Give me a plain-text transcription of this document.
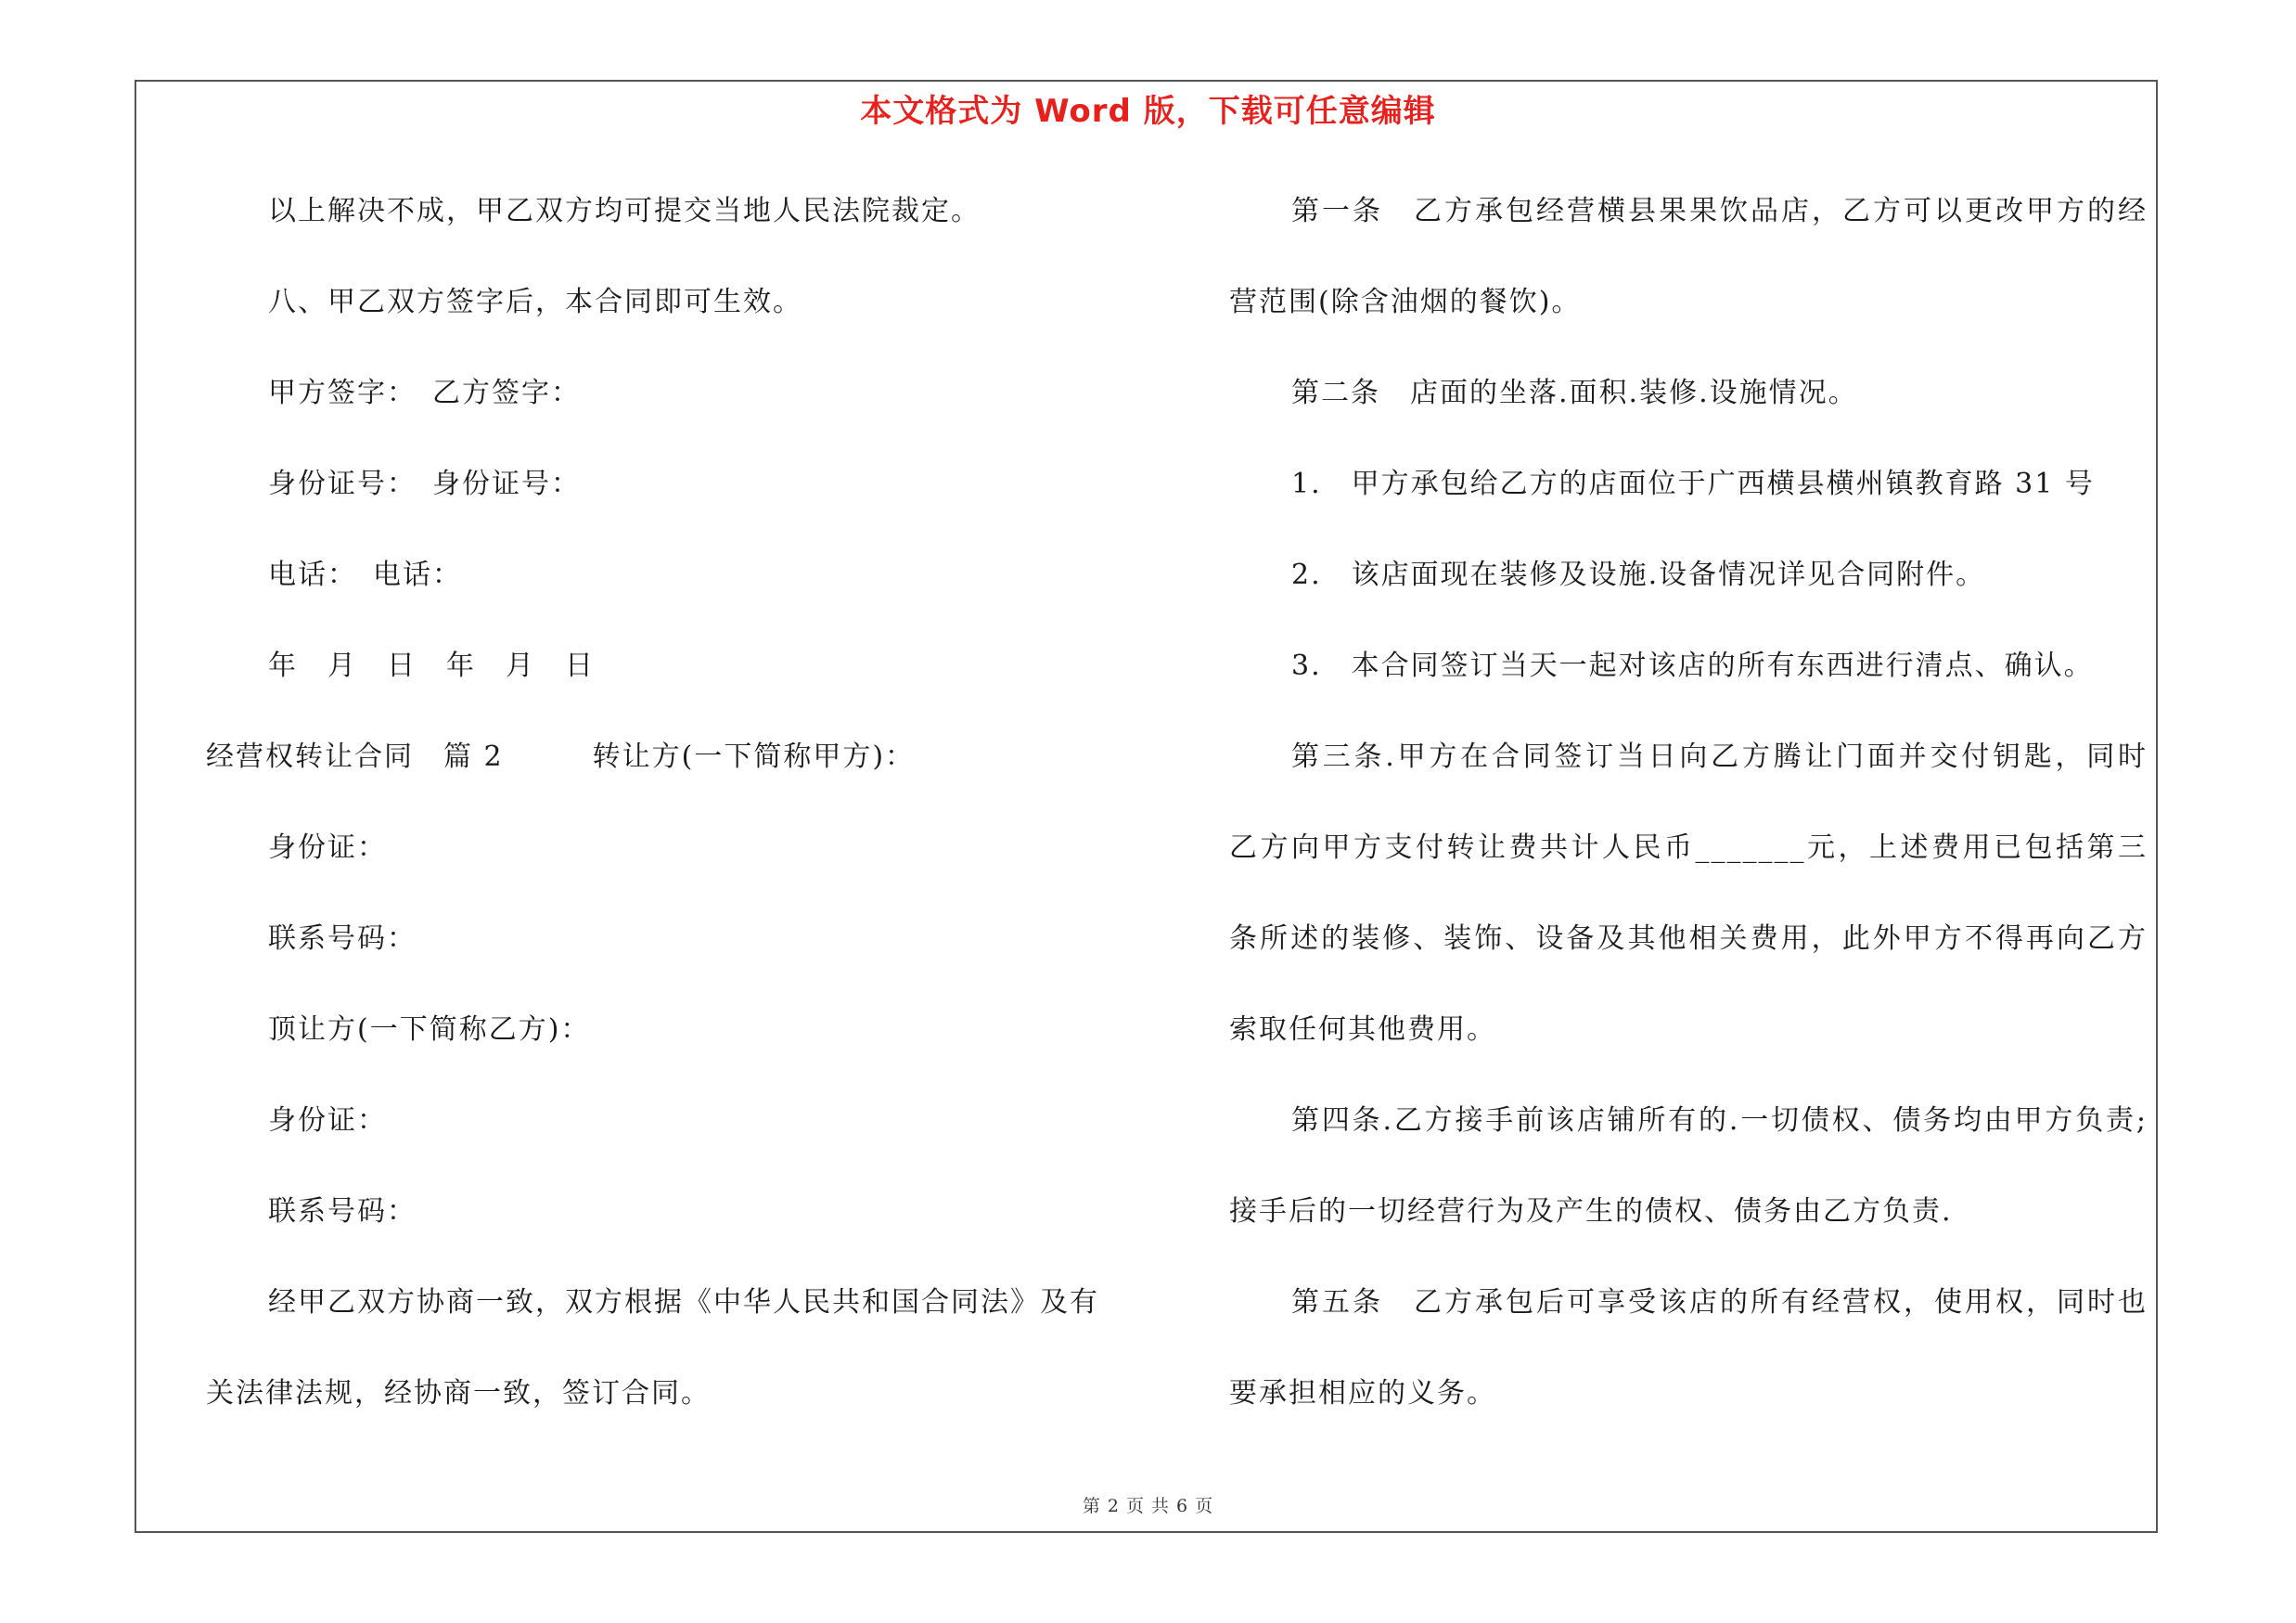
本文格式为 Word 版，下载可任意编辑
以上解决不成，甲乙双方均可提交当地人民法院裁定。
八、甲乙双方签字后，本合同即可生效。
甲方签字：　乙方签字：
身份证号：　身份证号：
电话：　电话：
年　月　日　年　月　日
经营权转让合同　篇 2　　　转让方(一下简称甲方)：
身份证：
联系号码：
顶让方(一下简称乙方)：
身份证：
联系号码：
经甲乙双方协商一致，双方根据《中华人民共和国合同法》及有
关法律法规，经协商一致，签订合同。
第一条　乙方承包经营横县果果饮品店，乙方可以更改甲方的经
营范围(除含油烟的餐饮)。
第二条　店面的坐落.面积.装修.设施情况。
1.　甲方承包给乙方的店面位于广西横县横州镇教育路 31 号
2.　该店面现在装修及设施.设备情况详见合同附件。
3.　本合同签订当天一起对该店的所有东西进行清点、确认。
第三条.甲方在合同签订当日向乙方腾让门面并交付钥匙，同时
乙方向甲方支付转让费共计人民币_______元，上述费用已包括第三
条所述的装修、装饰、设备及其他相关费用，此外甲方不得再向乙方
索取任何其他费用。
第四条.乙方接手前该店铺所有的.一切债权、债务均由甲方负责;
接手后的一切经营行为及产生的债权、债务由乙方负责.
第五条　乙方承包后可享受该店的所有经营权，使用权，同时也
要承担相应的义务。
第 2 页 共 6 页
